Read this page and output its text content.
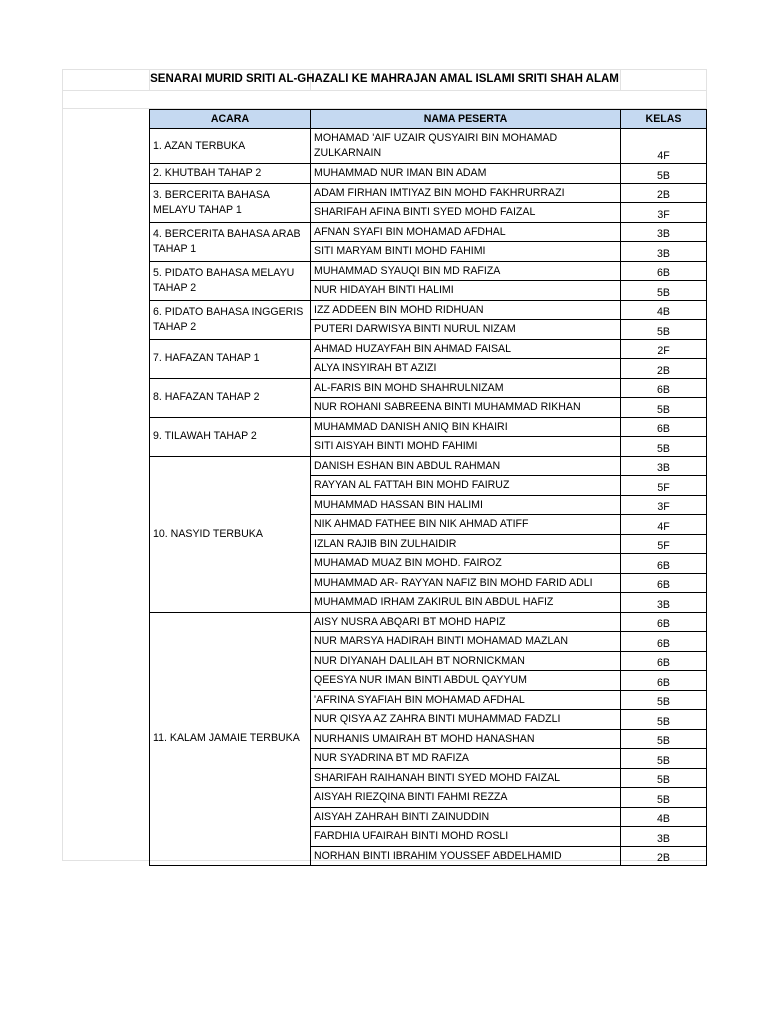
SENARAI MURID SRITI AL-GHAZALI KE MAHRAJAN AMAL ISLAMI SRITI SHAH ALAM
ACARA	NAMA PESERTA	KELAS
1. AZAN TERBUKA	MOHAMAD 'AIF UZAIR QUSYAIRI BIN MOHAMAD ZULKARNAIN	4F
2. KHUTBAH TAHAP 2	MUHAMMAD NUR IMAN BIN ADAM	5B
3. BERCERITA BAHASA MELAYU TAHAP 1	ADAM FIRHAN IMTIYAZ BIN MOHD FAKHRURRAZI	2B
	SHARIFAH AFINA BINTI SYED MOHD FAIZAL	3F
4. BERCERITA BAHASA ARAB TAHAP 1	AFNAN SYAFI BIN MOHAMAD AFDHAL	3B
	SITI MARYAM BINTI MOHD FAHIMI	3B
5. PIDATO BAHASA MELAYU TAHAP 2	MUHAMMAD SYAUQI BIN MD RAFIZA	6B
	NUR HIDAYAH BINTI HALIMI	5B
6. PIDATO BAHASA INGGERIS TAHAP 2	IZZ ADDEEN BIN MOHD RIDHUAN	4B
	PUTERI DARWISYA BINTI NURUL NIZAM	5B
7. HAFAZAN TAHAP 1	AHMAD HUZAYFAH BIN AHMAD FAISAL	2F
	ALYA INSYIRAH BT AZIZI	2B
8. HAFAZAN TAHAP 2	AL-FARIS BIN MOHD SHAHRULNIZAM	6B
	NUR ROHANI SABREENA BINTI MUHAMMAD RIKHAN	5B
9. TILAWAH TAHAP 2	MUHAMMAD DANISH ANIQ BIN KHAIRI	6B
	SITI AISYAH BINTI MOHD FAHIMI	5B
10. NASYID TERBUKA	DANISH ESHAN BIN ABDUL RAHMAN	3B
	RAYYAN AL FATTAH BIN MOHD FAIRUZ	5F
	MUHAMMAD HASSAN BIN HALIMI	3F
	NIK AHMAD FATHEE BIN NIK AHMAD ATIFF	4F
	IZLAN RAJIB BIN ZULHAIDIR	5F
	MUHAMAD MUAZ BIN MOHD. FAIROZ	6B
	MUHAMMAD AR- RAYYAN NAFIZ BIN MOHD FARID ADLI	6B
	MUHAMMAD IRHAM ZAKIRUL BIN ABDUL HAFIZ	3B
11. KALAM JAMAIE TERBUKA	AISY NUSRA ABQARI BT MOHD HAPIZ	6B
	NUR MARSYA HADIRAH BINTI MOHAMAD MAZLAN	6B
	NUR DIYANAH DALILAH BT NORNICKMAN	6B
	QEESYA NUR IMAN BINTI ABDUL QAYYUM	6B
	'AFRINA SYAFIAH BIN MOHAMAD AFDHAL	5B
	NUR QISYA AZ ZAHRA BINTI MUHAMMAD FADZLI	5B
	NURHANIS UMAIRAH BT MOHD HANASHAN	5B
	NUR SYADRINA BT MD RAFIZA	5B
	SHARIFAH RAIHANAH BINTI SYED MOHD FAIZAL	5B
	AISYAH RIEZQINA BINTI FAHMI REZZA	5B
	AISYAH ZAHRAH BINTI ZAINUDDIN	4B
	FARDHIA UFAIRAH BINTI MOHD ROSLI	3B
	NORHAN BINTI IBRAHIM YOUSSEF ABDELHAMID	2B
